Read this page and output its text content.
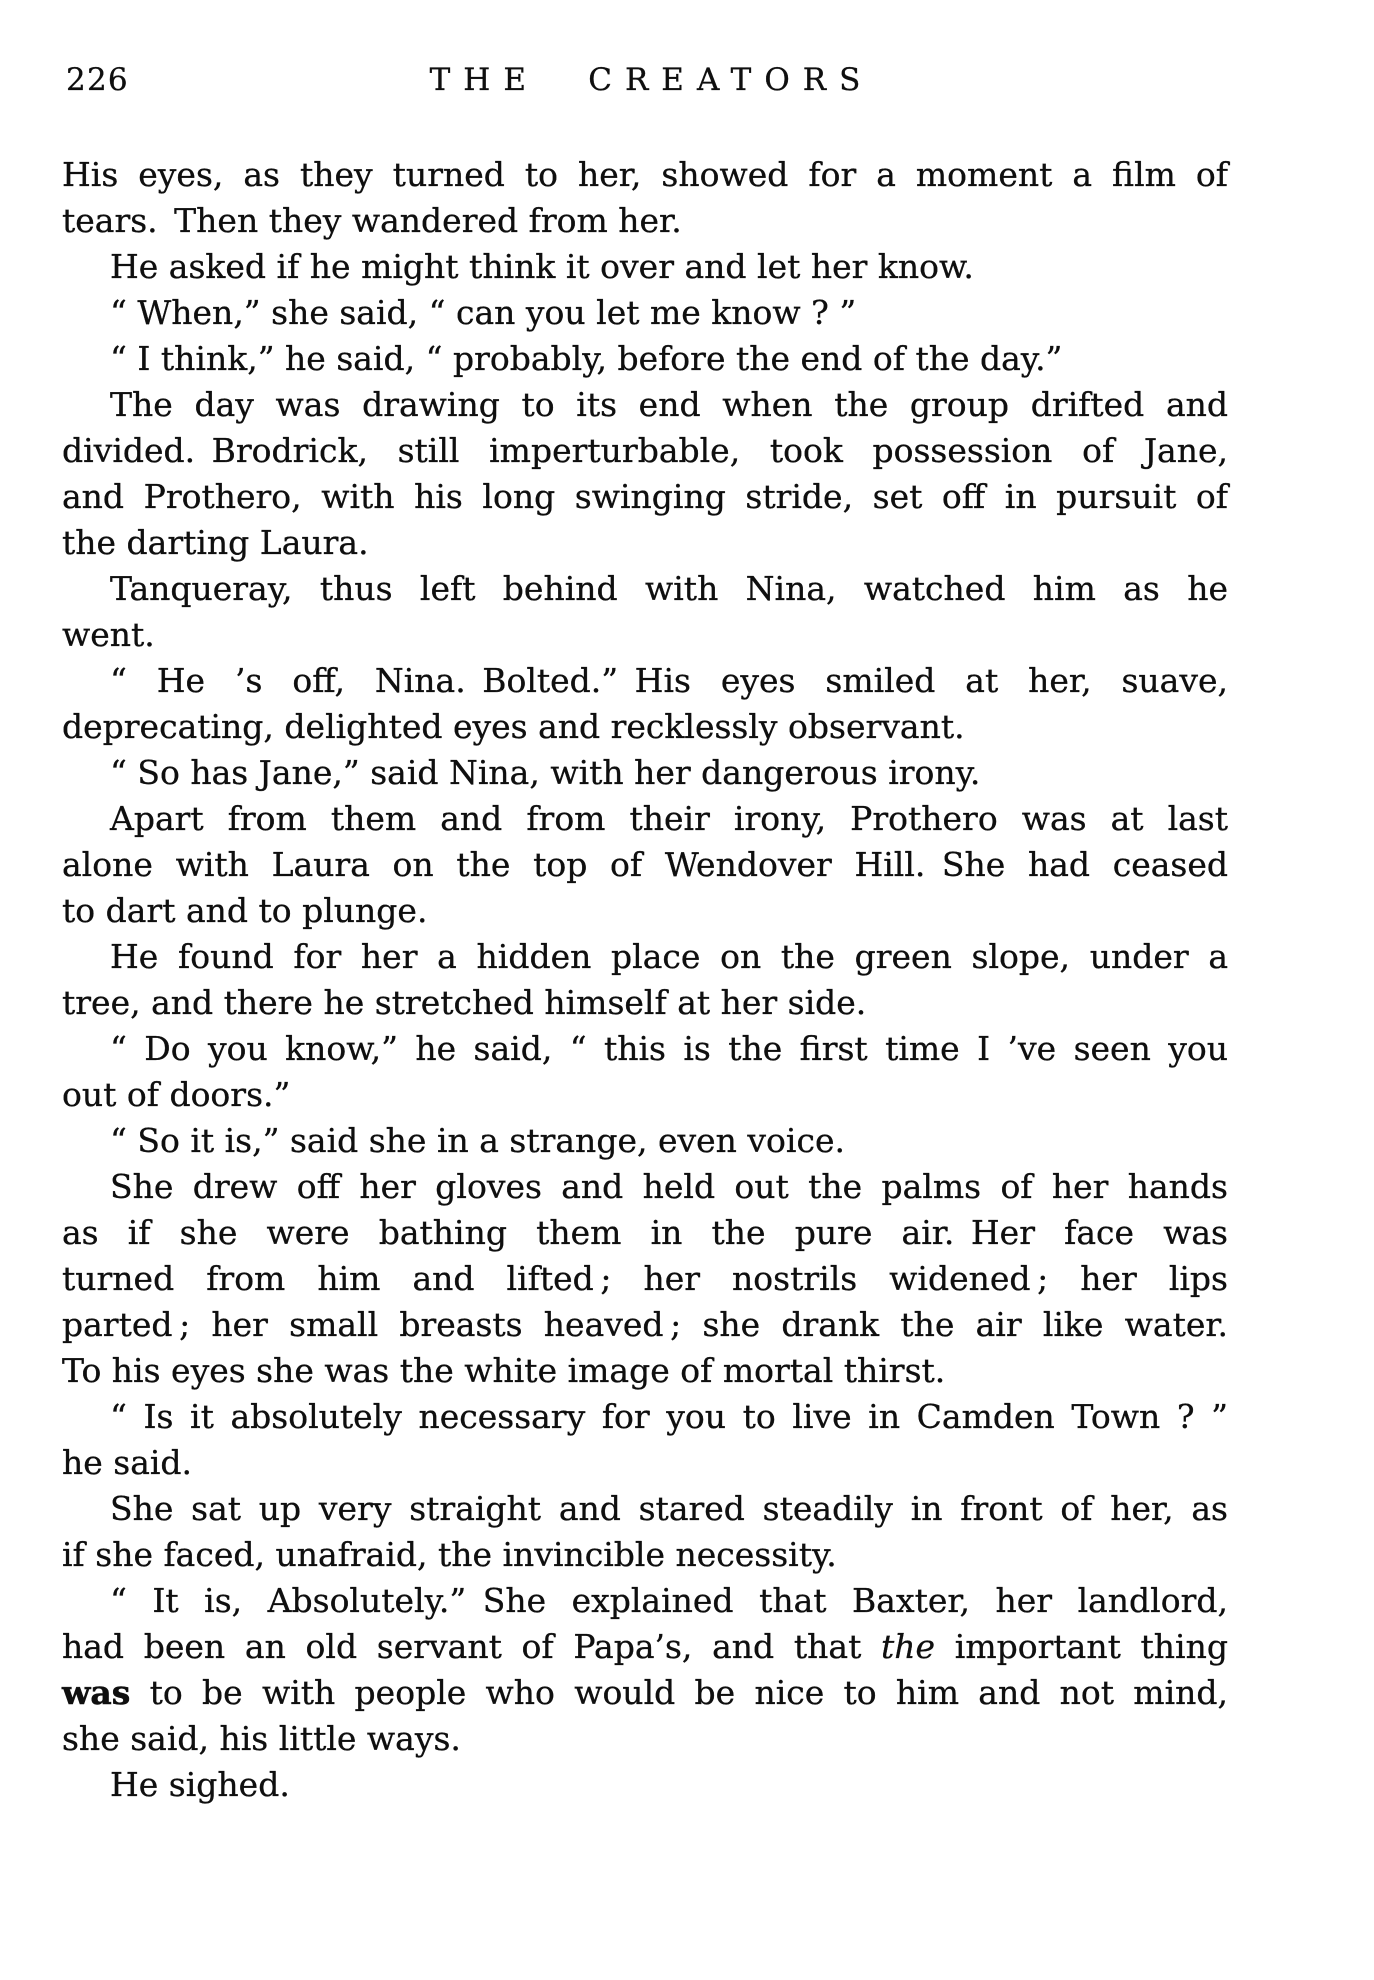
226	THE CREATORS
His eyes, as they turned to her, showed for a moment a film of
tears. Then they wandered from her.
He asked if he might think it over and let her know.
“ When,” she said, “ can you let me know ? ”
“ I think,” he said, “ probably, before the end of the day.”
The day was drawing to its end when the group drifted and
divided. Brodrick, still imperturbable, took possession of Jane,
and Prothero, with his long swinging stride, set off in pursuit of
the darting Laura.
Tanqueray, thus left behind with Nina, watched him as he
went.
“ He ’s off, Nina. Bolted.” His eyes smiled at her, suave,
deprecating, delighted eyes and recklessly observant.
“ So has Jane,” said Nina, with her dangerous irony.
Apart from them and from their irony, Prothero was at last
alone with Laura on the top of Wendover Hill. She had ceased
to dart and to plunge.
He found for her a hidden place on the green slope, under a
tree, and there he stretched himself at her side.
“ Do you know,” he said, “ this is the first time I ’ve seen you
out of doors.”
“ So it is,” said she in a strange, even voice.
She drew off her gloves and held out the palms of her hands
as if she were bathing them in the pure air. Her face was
turned from him and lifted ; her nostrils widened ; her lips
parted ; her small breasts heaved ; she drank the air like water.
To his eyes she was the white image of mortal thirst.
“ Is it absolutely necessary for you to live in Camden Town ? ”
he said.
She sat up very straight and stared steadily in front of her, as
if she faced, unafraid, the invincible necessity.
“ It is, Absolutely.” She explained that Baxter, her landlord,
had been an old servant of Papa’s, and that the important thing
was to be with people who would be nice to him and not mind,
she said, his little ways.
He sighed.
